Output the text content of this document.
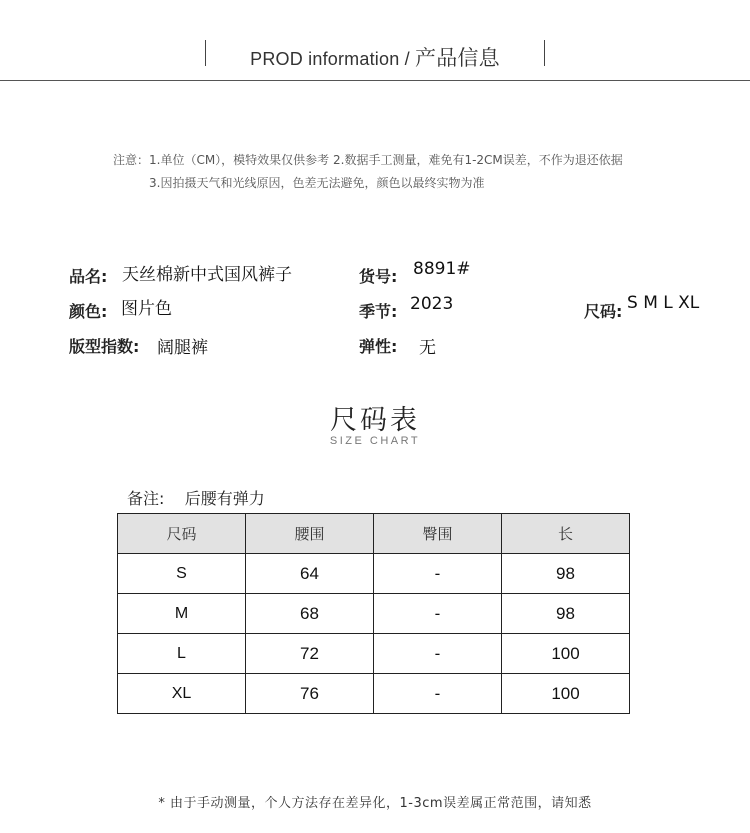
PROD information / 产品信息
注意：1.单位（CM），模特效果仅供参考 2.数据手工测量，难免有1-2CM误差，不作为退还依据
3.因拍摄天气和光线原因，色差无法避免，颜色以最终实物为准
品名: 天丝棉新中式国风裤子	货号: 8891#
颜色: 图片色	季节: 2023	尺码: S M L XL
版型指数: 阔腿裤	弹性: 无
尺码表
SIZE CHART
备注:    后腰有弹力
尺码	腰围	臀围	长
S	64	-	98
M	68	-	98
L	72	-	100
XL	76	-	100
* 由于手动测量，个人方法存在差异化，1-3cm误差属正常范围，请知悉
